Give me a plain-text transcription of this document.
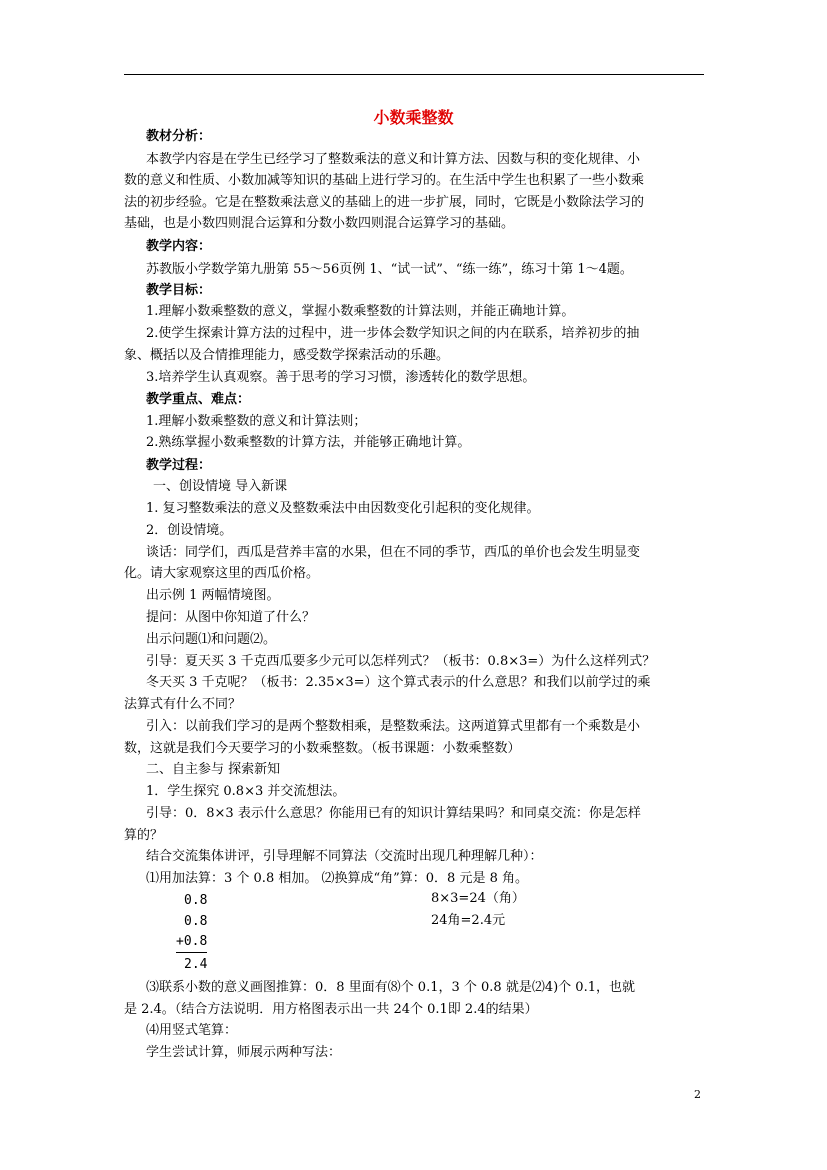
小数乘整数
教材分析：
本教学内容是在学生已经学习了整数乘法的意义和计算方法、因数与积的变化规律、小
数的意义和性质、小数加减等知识的基础上进行学习的。在生活中学生也积累了一些小数乘
法的初步经验。它是在整数乘法意义的基础上的进一步扩展，同时，它既是小数除法学习的
基础，也是小数四则混合运算和分数小数四则混合运算学习的基础。
教学内容：
苏教版小学数学第九册第 55～56页例 1、“试一试”、“练一练”，练习十第 1～4题。
教学目标：
1.理解小数乘整数的意义，掌握小数乘整数的计算法则，并能正确地计算。
2.使学生探索计算方法的过程中，进一步体会数学知识之间的内在联系，培养初步的抽
象、概括以及合情推理能力，感受数学探索活动的乐趣。
3.培养学生认真观察。善于思考的学习习惯，渗透转化的数学思想。
教学重点、难点：
1.理解小数乘整数的意义和计算法则；
2.熟练掌握小数乘整数的计算方法，并能够正确地计算。
教学过程：
一、创设情境 导入新课
1. 复习整数乘法的意义及整数乘法中由因数变化引起积的变化规律。
2．创设情境。
谈话：同学们，西瓜是营养丰富的水果，但在不同的季节，西瓜的单价也会发生明显变
化。请大家观察这里的西瓜价格。
出示例 1 两幅情境图。
提问：从图中你知道了什么？
出示问题⑴和问题⑵。
引导：夏天买 3 千克西瓜要多少元可以怎样列式？（板书：0.8×3=）为什么这样列式？
冬天买 3 千克呢？（板书：2.35×3=）这个算式表示的什么意思？和我们以前学过的乘
法算式有什么不同？
引入：以前我们学习的是两个整数相乘，是整数乘法。这两道算式里都有一个乘数是小
数，这就是我们今天要学习的小数乘整数。（板书课题：小数乘整数）
二、自主参与 探索新知
1．学生探究 0.8×3 并交流想法。
引导：0．8×3 表示什么意思？你能用已有的知识计算结果吗？和同桌交流：你是怎样
算的？
结合交流集体讲评，引导理解不同算法（交流时出现几种理解几种）：
⑴用加法算：3 个 0.8 相加。 ⑵换算成“角”算：0．8 元是 8 角。
0.8
0.8
+0.8
2.4
8×3=24（角）
24角=2.4元
⑶联系小数的意义画图推算：0．8 里面有⑻个 0.1，3 个 0.8 就是⑵4)个 0.1，也就
是 2.4。（结合方法说明．用方格图表示出一共 24个 0.1即 2.4的结果）
⑷用竖式笔算：
学生尝试计算，师展示两种写法：
2
